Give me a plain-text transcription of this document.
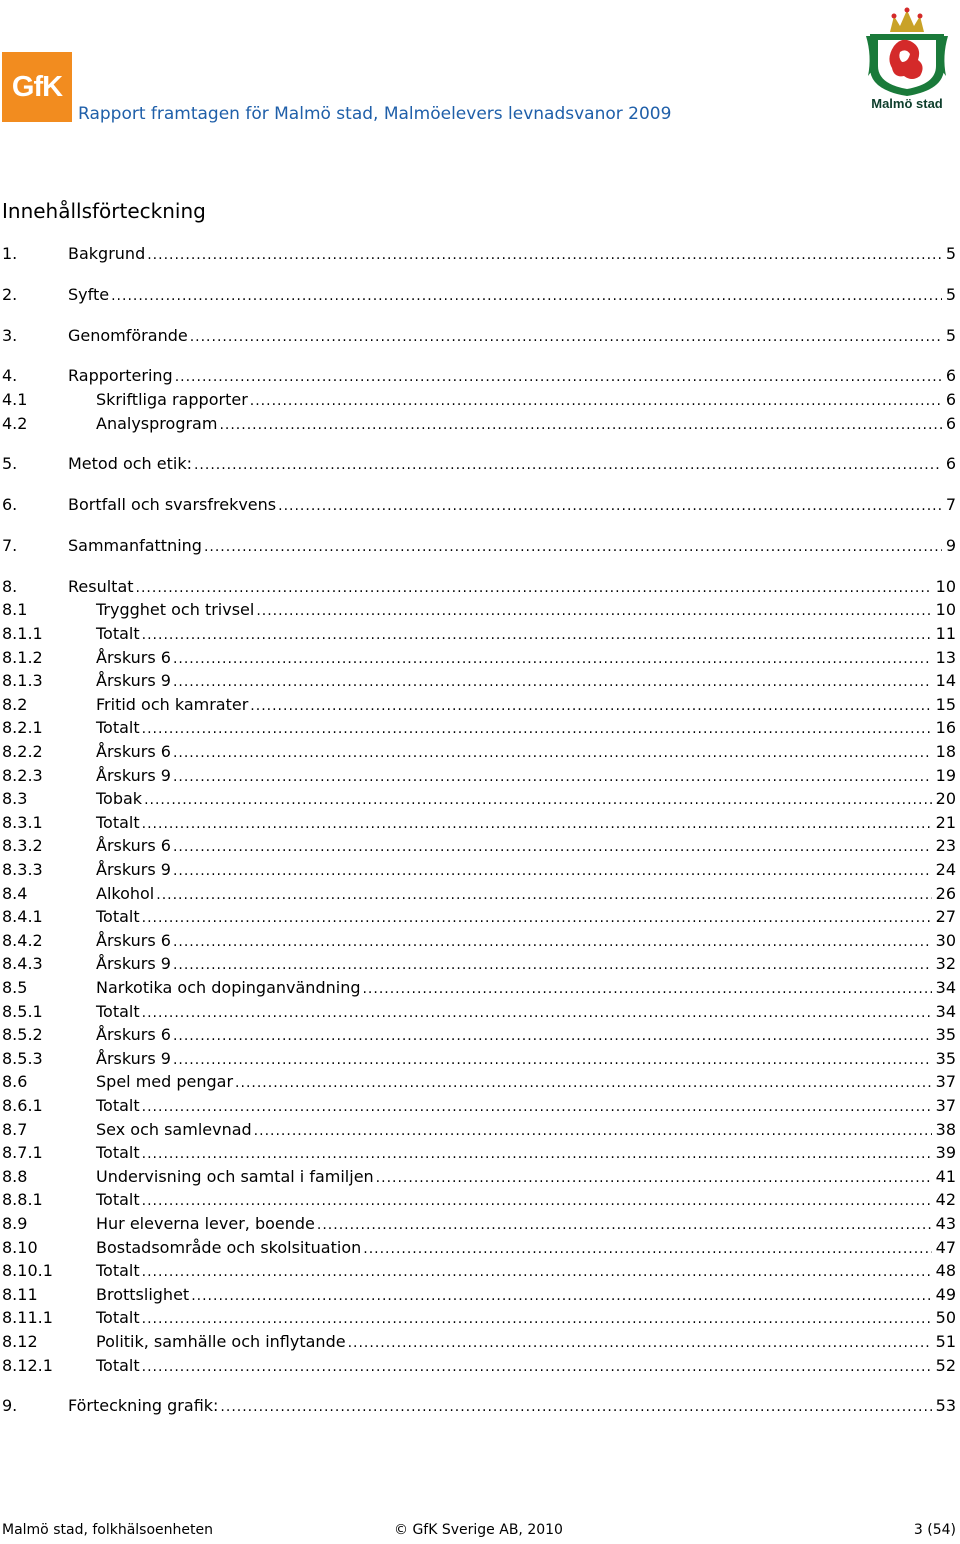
GfK
Rapport framtagen för Malmö stad, Malmöelevers levnadsvanor 2009
Malmö stad
Innehållsförteckning
1.	Bakgrund .....	5
2.	Syfte .....	5
3.	Genomförande .....	5
4.	Rapportering .....	6
4.1	Skriftliga rapporter .....	6
4.2	Analysprogram .....	6
5.	Metod och etik: .....	6
6.	Bortfall och svarsfrekvens .....	7
7.	Sammanfattning .....	9
8.	Resultat .....	10
8.1	Trygghet och trivsel .....	10
8.1.1	Totalt .....	11
8.1.2	Årskurs 6 .....	13
8.1.3	Årskurs 9 .....	14
8.2	Fritid och kamrater .....	15
8.2.1	Totalt .....	16
8.2.2	Årskurs 6 .....	18
8.2.3	Årskurs 9 .....	19
8.3	Tobak .....	20
8.3.1	Totalt .....	21
8.3.2	Årskurs 6 .....	23
8.3.3	Årskurs 9 .....	24
8.4	Alkohol .....	26
8.4.1	Totalt .....	27
8.4.2	Årskurs 6 .....	30
8.4.3	Årskurs 9 .....	32
8.5	Narkotika och dopinganvändning .....	34
8.5.1	Totalt .....	34
8.5.2	Årskurs 6 .....	35
8.5.3	Årskurs 9 .....	35
8.6	Spel med pengar .....	37
8.6.1	Totalt .....	37
8.7	Sex och samlevnad .....	38
8.7.1	Totalt .....	39
8.8	Undervisning och samtal i familjen .....	41
8.8.1	Totalt .....	42
8.9	Hur eleverna lever, boende .....	43
8.10	Bostadsområde och skolsituation .....	47
8.10.1	Totalt .....	48
8.11	Brottslighet .....	49
8.11.1	Totalt .....	50
8.12	Politik, samhälle och inflytande .....	51
8.12.1	Totalt .....	52
9.	Förteckning grafik: .....	53
Malmö stad, folkhälsoenheten	© GfK Sverige AB, 2010	3 (54)
